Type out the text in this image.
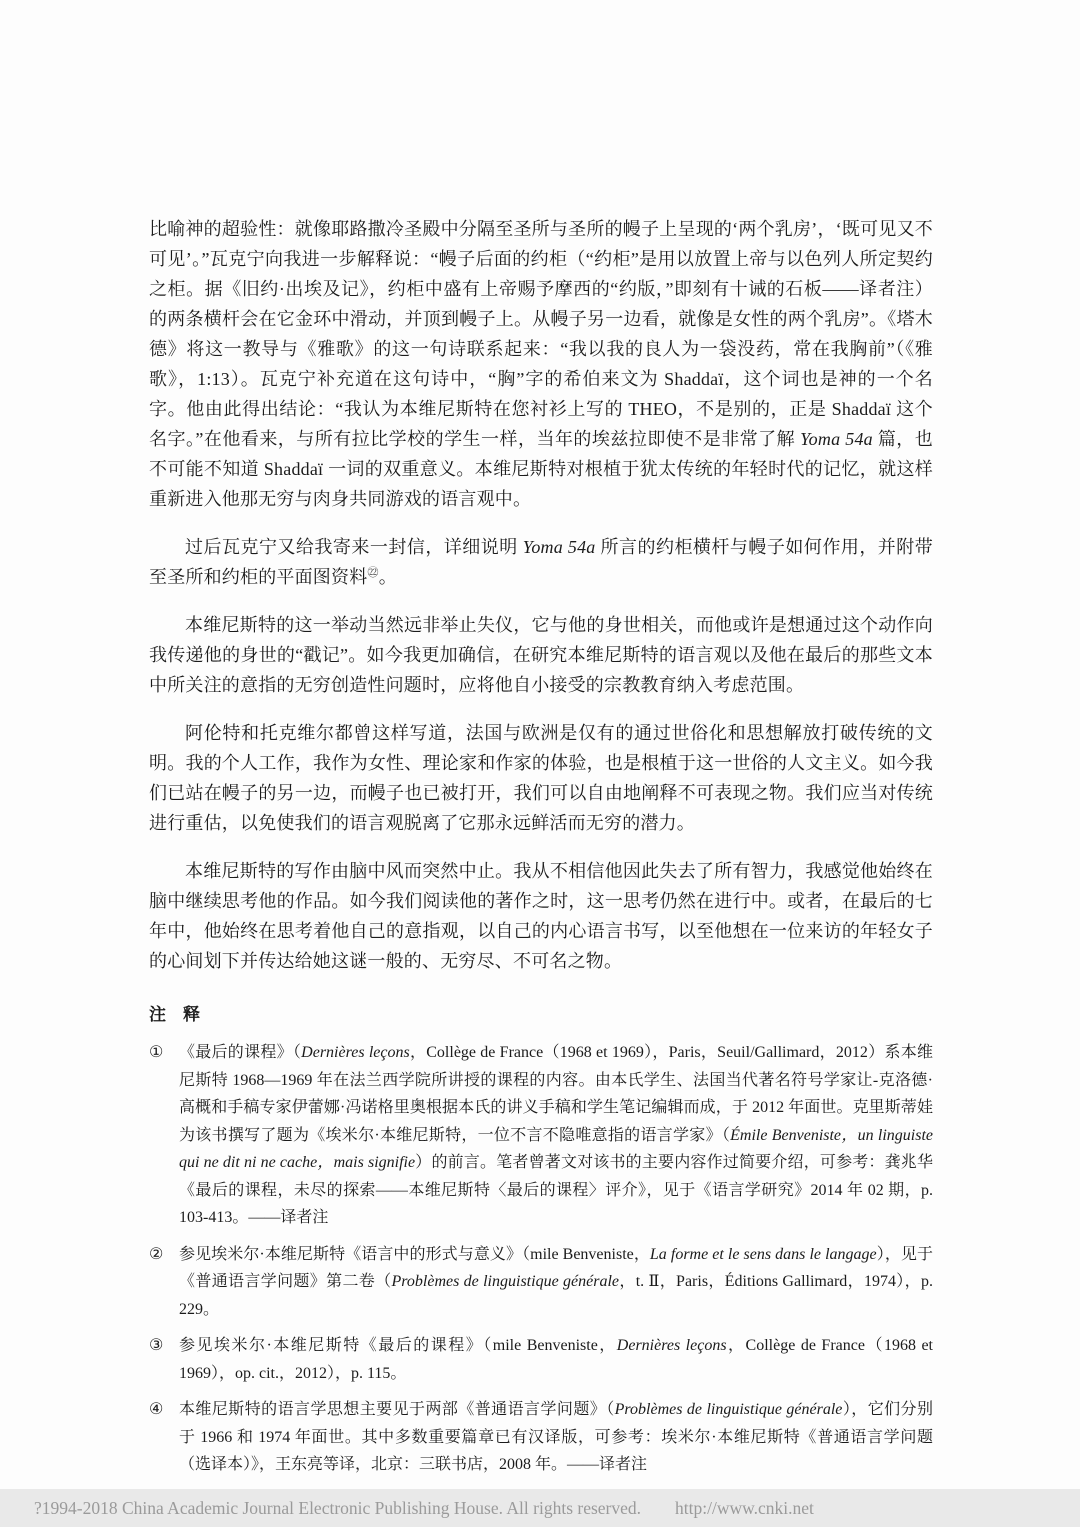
比喻神的超验性：就像耶路撒冷圣殿中分隔至圣所与圣所的幔子上呈现的‘两个乳房’，‘既可见又不可见’。”瓦克宁向我进一步解释说：“幔子后面的约柜（“约柜”是用以放置上帝与以色列人所定契约之柜。据《旧约·出埃及记》，约柜中盛有上帝赐予摩西的“约版，”即刻有十诫的石板——译者注）的两条横杆会在它金环中滑动，并顶到幔子上。从幔子另一边看，就像是女性的两个乳房”。《塔木德》将这一教导与《雅歌》的这一句诗联系起来：“我以我的良人为一袋没药，常在我胸前”（《雅歌》，1:13）。瓦克宁补充道在这句诗中，“胸”字的希伯来文为 Shaddaï，这个词也是神的一个名字。他由此得出结论：“我认为本维尼斯特在您衬衫上写的 THEO，不是别的，正是 Shaddaï 这个名字。”在他看来，与所有拉比学校的学生一样，当年的埃兹拉即使不是非常了解 Yoma 54a 篇，也不可能不知道 Shaddaï 一词的双重意义。本维尼斯特对根植于犹太传统的年轻时代的记忆，就这样重新进入他那无穷与肉身共同游戏的语言观中。

过后瓦克宁又给我寄来一封信，详细说明 Yoma 54a 所言的约柜横杆与幔子如何作用，并附带至圣所和约柜的平面图资料$^㉒$。

本维尼斯特的这一举动当然远非举止失仪，它与他的身世相关，而他或许是想通过这个动作向我传递他的身世的“戳记”。如今我更加确信，在研究本维尼斯特的语言观以及他在最后的那些文本中所关注的意指的无穷创造性问题时，应将他自小接受的宗教教育纳入考虑范围。

阿伦特和托克维尔都曾这样写道，法国与欧洲是仅有的通过世俗化和思想解放打破传统的文明。我的个人工作，我作为女性、理论家和作家的体验，也是根植于这一世俗的人文主义。如今我们已站在幔子的另一边，而幔子也已被打开，我们可以自由地阐释不可表现之物。我们应当对传统进行重估，以免使我们的语言观脱离了它那永远鲜活而无穷的潜力。

本维尼斯特的写作由脑中风而突然中止。我从不相信他因此失去了所有智力，我感觉他始终在脑中继续思考他的作品。如今我们阅读他的著作之时，这一思考仍然在进行中。或者，在最后的七年中，他始终在思考着他自己的意指观，以自己的内心语言书写，以至他想在一位来访的年轻女子的心间划下并传达给她这谜一般的、无穷尽、不可名之物。

注　释
① 《最后的课程》（Dernières leçons，Collège de France（1968 et 1969），Paris，Seuil/Gallimard，2012）系本维尼斯特 1968—1969 年在法兰西学院所讲授的课程的内容。由本氏学生、法国当代著名符号学家让-克洛德·高概和手稿专家伊蕾娜·冯诺格里奥根据本氏的讲义手稿和学生笔记编辑而成，于 2012 年面世。克里斯蒂娃为该书撰写了题为《埃米尔·本维尼斯特，一位不言不隐唯意指的语言学家》（Émile Benveniste，un linguiste qui ne dit ni ne cache，mais signifie）的前言。笔者曾著文对该书的主要内容作过简要介绍，可参考：龚兆华《最后的课程，未尽的探索——本维尼斯特〈最后的课程〉评介》，见于《语言学研究》2014 年 02 期，p. 103-413。——译者注
② 参见埃米尔·本维尼斯特《语言中的形式与意义》（mile Benveniste，La forme et le sens dans le langage），见于《普通语言学问题》第二卷（Problèmes de linguistique générale，t. Ⅱ，Paris，Éditions Gallimard，1974），p. 229。
③ 参见埃米尔·本维尼斯特《最后的课程》（mile Benveniste，Dernières leçons，Collège de France（1968 et 1969），op. cit.，2012），p. 115。
④ 本维尼斯特的语言学思想主要见于两部《普通语言学问题》（Problèmes de linguistique générale），它们分别于 1966 和 1974 年面世。其中多数重要篇章已有汉译版，可参考：埃米尔·本维尼斯特《普通语言学问题（选译本）》，王东亮等译，北京：三联书店，2008 年。——译者注
?1994-2018 China Academic Journal Electronic Publishing House. All rights reserved. http://www.cnki.net
